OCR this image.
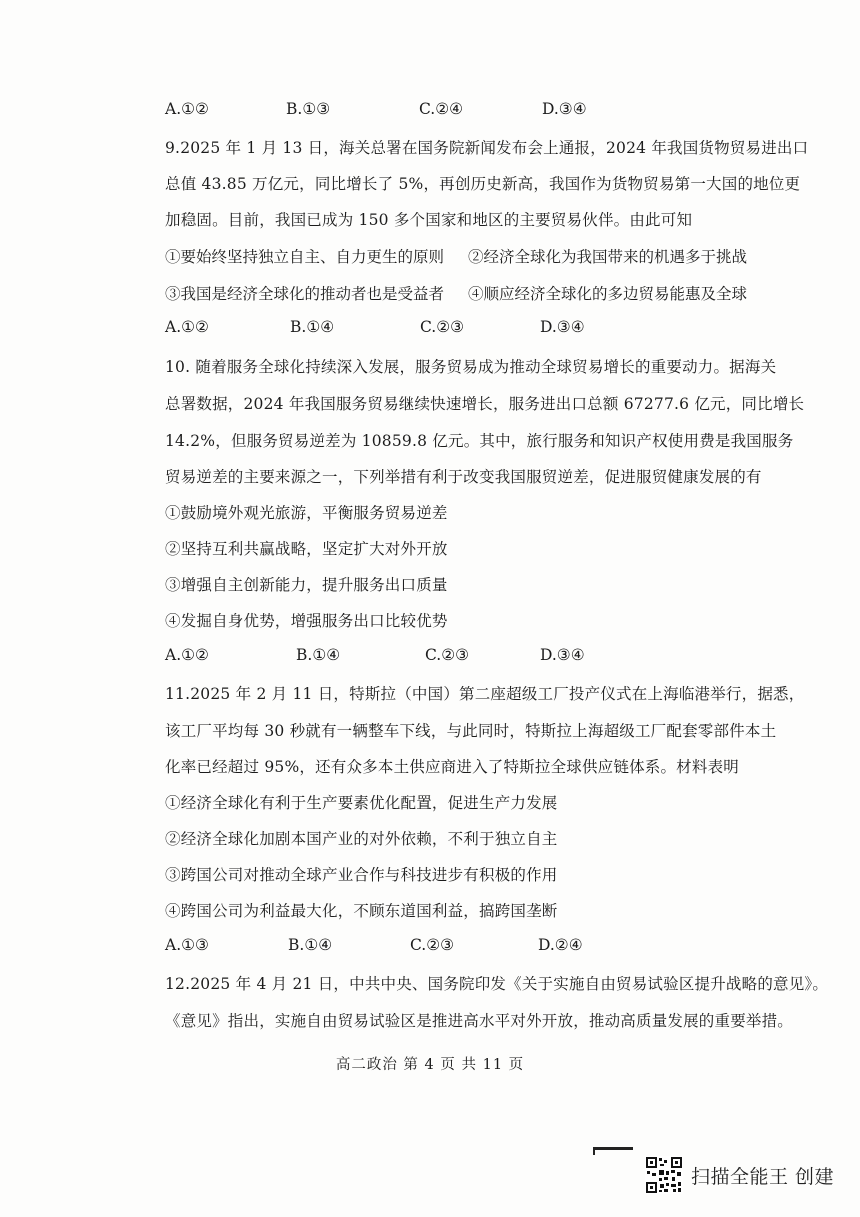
A.①②	B.①③	C.②④	D.③④
9.2025 年 1 月 13 日，海关总署在国务院新闻发布会上通报，2024 年我国货物贸易进出口
总值 43.85 万亿元，同比增长了 5%，再创历史新高，我国作为货物贸易第一大国的地位更
加稳固。目前，我国已成为 150 多个国家和地区的主要贸易伙伴。由此可知
①要始终坚持独立自主、自力更生的原则 ②经济全球化为我国带来的机遇多于挑战
③我国是经济全球化的推动者也是受益者 ④顺应经济全球化的多边贸易能惠及全球
A.①②	B.①④	C.②③	D.③④
10. 随着服务全球化持续深入发展，服务贸易成为推动全球贸易增长的重要动力。据海关
总署数据，2024 年我国服务贸易继续快速增长，服务进出口总额 67277.6 亿元，同比增长
14.2%，但服务贸易逆差为 10859.8 亿元。其中，旅行服务和知识产权使用费是我国服务
贸易逆差的主要来源之一，下列举措有利于改变我国服贸逆差，促进服贸健康发展的有
①鼓励境外观光旅游，平衡服务贸易逆差
②坚持互利共赢战略，坚定扩大对外开放
③增强自主创新能力，提升服务出口质量
④发掘自身优势，增强服务出口比较优势
A.①②	B.①④	C.②③	D.③④
11.2025 年 2 月 11 日，特斯拉（中国）第二座超级工厂投产仪式在上海临港举行，据悉，
该工厂平均每 30 秒就有一辆整车下线，与此同时，特斯拉上海超级工厂配套零部件本土
化率已经超过 95%，还有众多本土供应商进入了特斯拉全球供应链体系。材料表明
①经济全球化有利于生产要素优化配置，促进生产力发展
②经济全球化加剧本国产业的对外依赖，不利于独立自主
③跨国公司对推动全球产业合作与科技进步有积极的作用
④跨国公司为利益最大化，不顾东道国利益，搞跨国垄断
A.①③	B.①④	C.②③	D.②④
12.2025 年 4 月 21 日，中共中央、国务院印发《关于实施自由贸易试验区提升战略的意见》。
《意见》指出，实施自由贸易试验区是推进高水平对外开放，推动高质量发展的重要举措。
高二政治 第 4 页 共 11 页
扫描全能王 创建
